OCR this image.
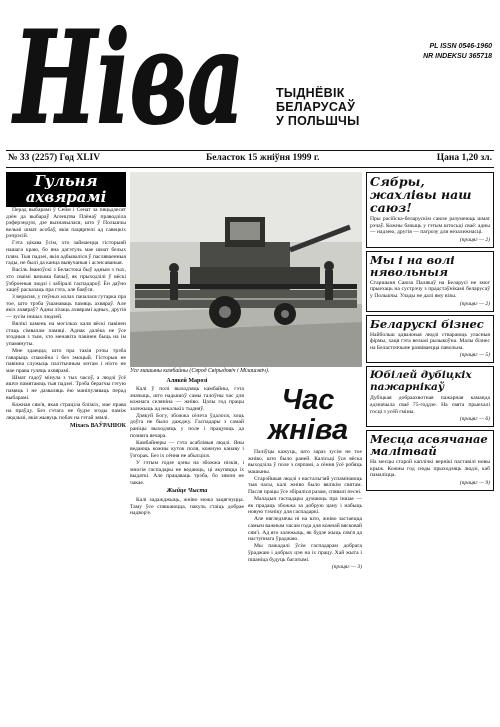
Ніва	PL ISSN 0546-1960
NR INDEKSU 365718
ТЫДНЁВІК
БЕЛАРУСАЎ
У ПОЛЬШЧЫ
№ 33 (2257) Год XLIV	Беласток 15 жніўня 1999 г.	Цана 1,20 зл.
Гульня ахвярамі

Перад выбарамі ў Сейм і Сенат за пяцьдзесят дзён да выбараў Агенцтва Плёнаў праводзіла рэферэндум, дзе вызначылася, што ў Польшчы вельмі шмат асобаў, якія пацярпелі ад савецкіх рэпрэсій.

Гэта цікава ўсім, хто займаецца гісторыяй нашага краю, бо яна дагэтуль мае шмат белых плям. Тыя падзеі, якія адбываліся ў пасляваенныя гады, не былі да канца вывучаныя і асэнсаваныя.

Васіль Іваноўскі з Беластока быў адным з тых, хто сваімі вачыма бачыў, як прыходзілі ў вёскі ўзброеныя людзі і забіралі гаспадароў. Ён даўно хацеў расказаць пра гэта, але баяўся.

З верасня, у пэўных колах пачалася гутарка пра тое, што трэба ўшанаваць памяць ахвяраў. Але якіх ахвяраў? Адны лічаць ахвярамі адных, другія — зусім іншых людзей.

Вялікі камень на могілках каля вёскі павінен стаць сімвалам памяці. Аднак далёка не ўсе згодныя з тым, хто менавіта павінен быць на ім упамянуты.

Мне здаецца, што пра такія рэчы трэба гаварыць спакойна і без эмоцый. Гісторыя не павінна служыць палітычным мэтам і ніхто не мае права гуляць ахвярамі.

Шмат гадоў мінула з тых часоў, а людзі ўсё яшчэ памятаюць тыя падзеі. Трэба берагчы гэтую памяць і не дазваляць ёю маніпуляваць перад выбарамі.

Кожная сям'я, якая страціла блізкіх, мае права на праўду. Без гэтага не будзе згоды паміж людзьмі, якія жывуць побач на гэтай зямлі.

Міхась ВАЎРАНЮК
Усе машыны камбайны (Сярод Свірыдовіч і Мілашэвіч).
Алякей Марозі

Калі ў полі выходзяць камбайны, гэта значыць, што надышоў самы галоўны час для кожнага селяніна — жніво. Цэлы год працы залежыць ад некалькіх тыдняў.

Дзякуй Богу, збожжа сёлета ўдалося, хоць доўга не было дажджу. Гаспадары з самай раніцы выходзяць у поле і працуюць да позняга вечара.

Камбайнеры — гэта асаблівыя людзі. Яны ведаюць кожны куток поля, кожную канаву і ўзгорак. Без іх сёння не абысціся.

У гэтым годзе цэны на збожжа нізкія, і многія гаспадары не ведаюць, ці акупяцца іх выдаткі. Але працаваць трэба, бо зямля не чакае.

Жыйце Чыста

Калі задажджыць, жніво можа зацягнуцца. Таму ўсе спяшаюцца, пакуль стаіць добрае надвор'е.

Час жніва

Паліўцы кажуць, што зараз зусім не тое жніво, што было раней. Калісьці ўся вёска выходзіла ў поле з сярпамі, а сёння ўсё робяць машыны.

Старэйшыя людзі з настальгіяй успамінаюць тыя часы, калі жніво было вялікім святам. Пасля працы ўсе збіраліся разам, спявалі песні.

Маладыя гаспадары думаюць пра іншае — як прадаць збожжа за добрую цану і набыць новую тэхніку для гаспадаркі.

Але нягледзячы ні на што, жніво застаецца самым важным часам года для кожнай вясковай сям'і. Ад яго залежыць, як будзе жыць сям'я да наступнага ўраджаю.

Мы пажадалі ўсім гаспадарам добрага ўраджаю і добрых цэн на іх працу. Хай жыта і пшаніца будуць багатымі.

(працяг — 3)
Сябры, жахлівы наш саюз!
Пры расійска-беларускім саюзе разумеюць шмат рэчаў. Кожны бачыць у гэтым штосьці сваё: адны — надзею, другія — пагрозу для незалежнасці.
(працяг — 2)
Мы і на волі нявольныя
Старшыня Саюза Палякаў на Беларусі не змог прыехаць на сустрэчу з прадстаўнікамі беларусаў у Польшчы. Улады не далі яму візы.
(працяг — 2)
Беларускі бізнес
Найбольш адважныя людзі ствараюць уласныя фірмы, хаця гэта вельмі рызыкоўна. Малы бізнес на Беласточчыне развіваецца павольна.
(працяг — 5)
Юбілей дубіцкіх пажарнікаў
Дубіцкая добраахвотная пажарная каманда адзначыла сваё 75-годдзе. На свята прыехалі госці з усёй гміны.
(працяг — 6)
Месца асвячанае малітвай
На месцы старой каплічкі вернікі паставілі новы крыж. Кожны год сюды прыходзяць людзі, каб памаліцца.
(працяг — 9)
